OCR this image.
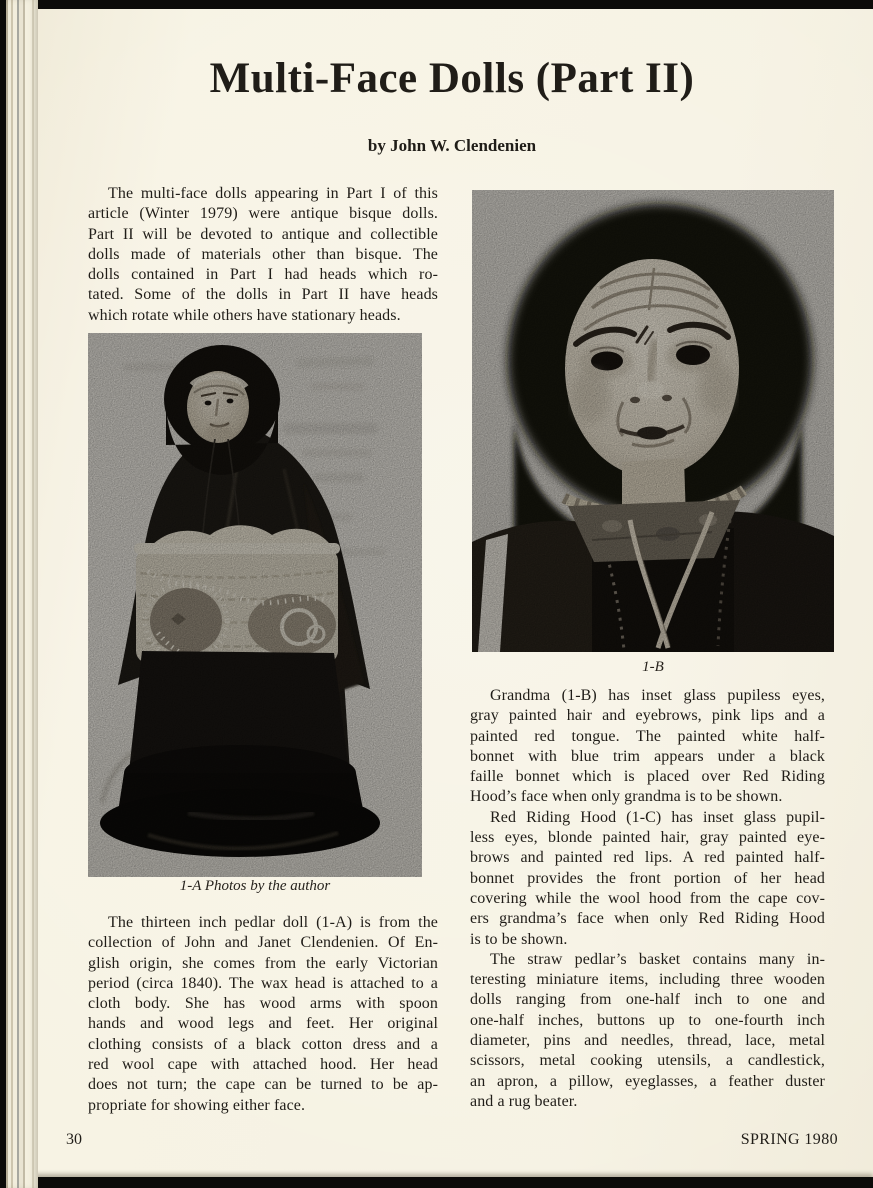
Multi-Face Dolls (Part II)
by John W. Clendenien
The multi-face dolls appearing in Part I of this
article (Winter 1979) were antique bisque dolls.
Part II will be devoted to antique and collectible
dolls made of materials other than bisque. The
dolls contained in Part I had heads which ro-
tated. Some of the dolls in Part II have heads
which rotate while others have stationary heads.
1-A Photos by the author
The thirteen inch pedlar doll (1-A) is from the
collection of John and Janet Clendenien. Of En-
glish origin, she comes from the early Victorian
period (circa 1840). The wax head is attached to a
cloth body. She has wood arms with spoon
hands and wood legs and feet. Her original
clothing consists of a black cotton dress and a
red wool cape with attached hood. Her head
does not turn; the cape can be turned to be ap-
propriate for showing either face.
1-B
Grandma (1-B) has inset glass pupiless eyes,
gray painted hair and eyebrows, pink lips and a
painted red tongue. The painted white half-
bonnet with blue trim appears under a black
faille bonnet which is placed over Red Riding
Hood’s face when only grandma is to be shown.
Red Riding Hood (1-C) has inset glass pupil-
less eyes, blonde painted hair, gray painted eye-
brows and painted red lips. A red painted half-
bonnet provides the front portion of her head
covering while the wool hood from the cape cov-
ers grandma’s face when only Red Riding Hood
is to be shown.
The straw pedlar’s basket contains many in-
teresting miniature items, including three wooden
dolls ranging from one-half inch to one and
one-half inches, buttons up to one-fourth inch
diameter, pins and needles, thread, lace, metal
scissors, metal cooking utensils, a candlestick,
an apron, a pillow, eyeglasses, a feather duster
and a rug beater.
30	SPRING 1980
